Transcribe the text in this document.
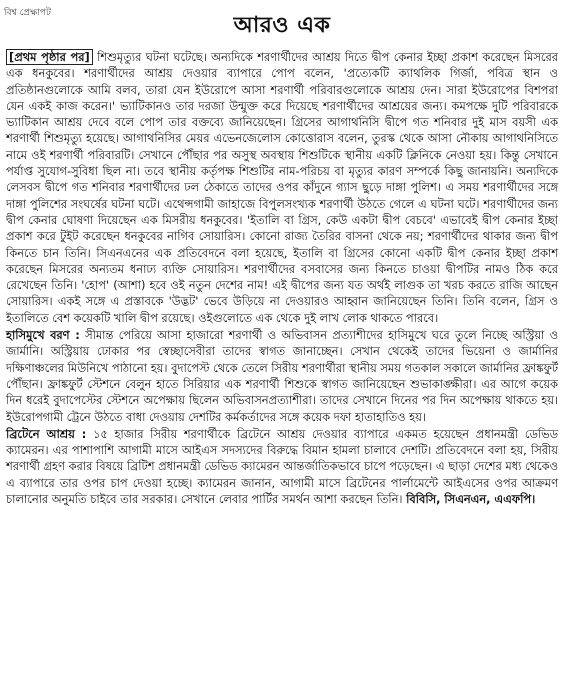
বিশ্ব প্রেক্ষাপট	আরও এক

[প্রথম পৃষ্ঠার পর] শিশুমৃত্যুর ঘটনা ঘটেছে। অন্যদিকে শরণার্থীদের আশ্রয় দিতে দ্বীপ কেনার ইচ্ছা প্রকাশ করেছেন মিসরের এক ধনকুবের। শরণার্থীদের আশ্রয় দেওয়ার ব্যাপারে পোপ বলেন, 'প্রত্যেকটি ক্যাথলিক গির্জা, পবিত্র স্থান ও প্রতিষ্ঠানগুলোকে আমি বলব, তারা যেন ইউরোপে আসা শরণার্থী পরিবারগুলোকে আশ্রয় দেন। সারা ইউরোপের বিশপরা যেন একই কাজ করেন।' ভ্যাটিকানও তার দরজা উন্মুক্ত করে দিয়েছে শরণার্থীদের আশ্রয়ের জন্য। কমপক্ষে দুটি পরিবারকে ভ্যাটিকান আশ্রয় দেবে বলে পোপ তার বক্তব্যে জানিয়েছেন। গ্রিসের আগাথনিসি দ্বীপে গত শনিবার দুই মাস বয়সী এক শরণার্থী শিশুমৃত্যু হয়েছে। আগাথনিসির মেয়র এভেনজেলোস কোত্তোরাস বলেন, তুরস্ক থেকে আসা নৌকায় আগাথনিসিতে নামে ওই শরণার্থী পরিবারটি। সেখানে পৌঁছার পর অসুস্থ অবস্থায় শিশুটিকে স্থানীয় একটি ক্লিনিকে নেওয়া হয়। কিন্তু সেখানে পর্যাপ্ত সুযোগ-সুবিধা ছিল না। তবে স্থানীয় কর্তৃপক্ষ শিশুটির নাম-পরিচয় বা মৃত্যুর কারণ সম্পর্কে কিছু জানায়নি। অন্যদিকে লেসবস দ্বীপে গত শনিবার শরণার্থীদের ঢল ঠেকাতে তাদের ওপর কাঁদুনে গ্যাস ছুড়ে দাঙ্গা পুলিশ। এ সময় শরণার্থীদের সঙ্গে দাঙ্গা পুলিশের সংঘর্ষের ঘটনা ঘটে। এথেন্সগামী জাহাজে বিপুলসংখ্যক শরণার্থী উঠতে গেলে এ ঘটনা ঘটে। শরণার্থীদের জন্য দ্বীপ কেনার ঘোষণা দিয়েছেন এক মিসরীয় ধনকুবের। 'ইতালি বা গ্রিস, কেউ একটা দ্বীপ বেচবে' এভাবেই দ্বীপ কেনার ইচ্ছা প্রকাশ করে টুইট করেছেন ধনকুবের নাগিব সোয়ারিস। কোনো রাজ্য তৈরির বাসনা থেকে নয়; শরণার্থীদের থাকার জন্য দ্বীপ কিনতে চান তিনি। সিএনএনের এক প্রতিবেদনে বলা হয়েছে, ইতালি বা গ্রিসের কোনো একটি দ্বীপ কেনার ইচ্ছা প্রকাশ করেছেন মিসরের অন্যতম ধনাঢ্য ব্যক্তি সোয়ারিস। শরণার্থীদের বসবাসের জন্য কিনতে চাওয়া দ্বীপটির নামও ঠিক করে রেখেছেন তিনি। 'হোপ' (আশা) হবে ওই নতুন দেশের নাম! এই দ্বীপের জন্য যত অর্থই লাগুক তা খরচ করতে রাজি আছেন সোয়ারিস। একই সঙ্গে এ প্রস্তাবকে 'উদ্ভট' ভেবে উড়িয়ে না দেওয়ারও আহ্বান জানিয়েছেন তিনি। তিনি বলেন, গ্রিস ও ইতালিতে বেশ কয়েকটি খালি দ্বীপ রয়েছে। ওইগুলোতে এক থেকে দুই লাখ লোক থাকতে পারবে।

হাসিমুখে বরণ : সীমান্ত পেরিয়ে আসা হাজারো শরণার্থী ও অভিবাসন প্রত্যাশীদের হাসিমুখে ঘরে তুলে নিচ্ছে অস্ট্রিয়া ও জার্মানি। অস্ট্রিয়ায় ঢোকার পর স্বেচ্ছাসেবীরা তাদের স্বাগত জানাচ্ছেন। সেখান থেকেই তাদের ভিয়েনা ও জার্মানির দক্ষিণাঞ্চলের মিউনিখে পাঠানো হয়। বুদাপেস্ট থেকে তেলে সিরীয় শরণার্থীরা স্থানীয় সময় গতকাল সকালে জার্মানির ফ্রাঙ্কফুর্ট পৌঁছান। ফ্রাঙ্কফুর্ট স্টেশনে বেলুন হাতে সিরিয়ার এক শরণার্থী শিশুকে স্বাগত জানিয়েছেন শুভাকাঙ্ক্ষীরা। এর আগে কয়েক দিন ধরেই বুদাপেস্টের স্টেশনে অপেক্ষায় ছিলেন অভিবাসনপ্রত্যাশীরা। তাদের সেখানে দিনের পর দিন অপেক্ষায় থাকতে হয়। ইউরোপগামী ট্রেনে উঠতে বাধা দেওয়ায় দেশটির কর্মকর্তাদের সঙ্গে কয়েক দফা হাতাহাতিও হয়।

ব্রিটেনে আশ্রয় : ১৫ হাজার সিরীয় শরণার্থীকে ব্রিটেনে আশ্রয় দেওয়ার ব্যাপারে একমত হয়েছেন প্রধানমন্ত্রী ডেভিড ক্যামেরন। এর পাশাপাশি আগামী মাসে আইএস সদস্যদের বিরুদ্ধে বিমান হামলা চালাবে দেশটি। প্রতিবেদনে বলা হয়, সিরীয় শরণার্থী গ্রহণ করার বিষয়ে ব্রিটিশ প্রধানমন্ত্রী ডেভিড ক্যামেরন আন্তর্জাতিকভাবে চাপে পড়েছেন। এ ছাড়া দেশের মধ্য থেকেও এ ব্যাপারে তার ওপর চাপ দেওয়া হচ্ছে। ক্যামেরন জানান, আগামী মাসে ব্রিটেনের পার্লামেন্টে আইএসের ওপর আক্রমণ চালানোর অনুমতি চাইবে তার সরকার। সেখানে লেবার পার্টির সমর্থন আশা করছেন তিনি। বিবিসি, সিএনএন, এএফপি।
